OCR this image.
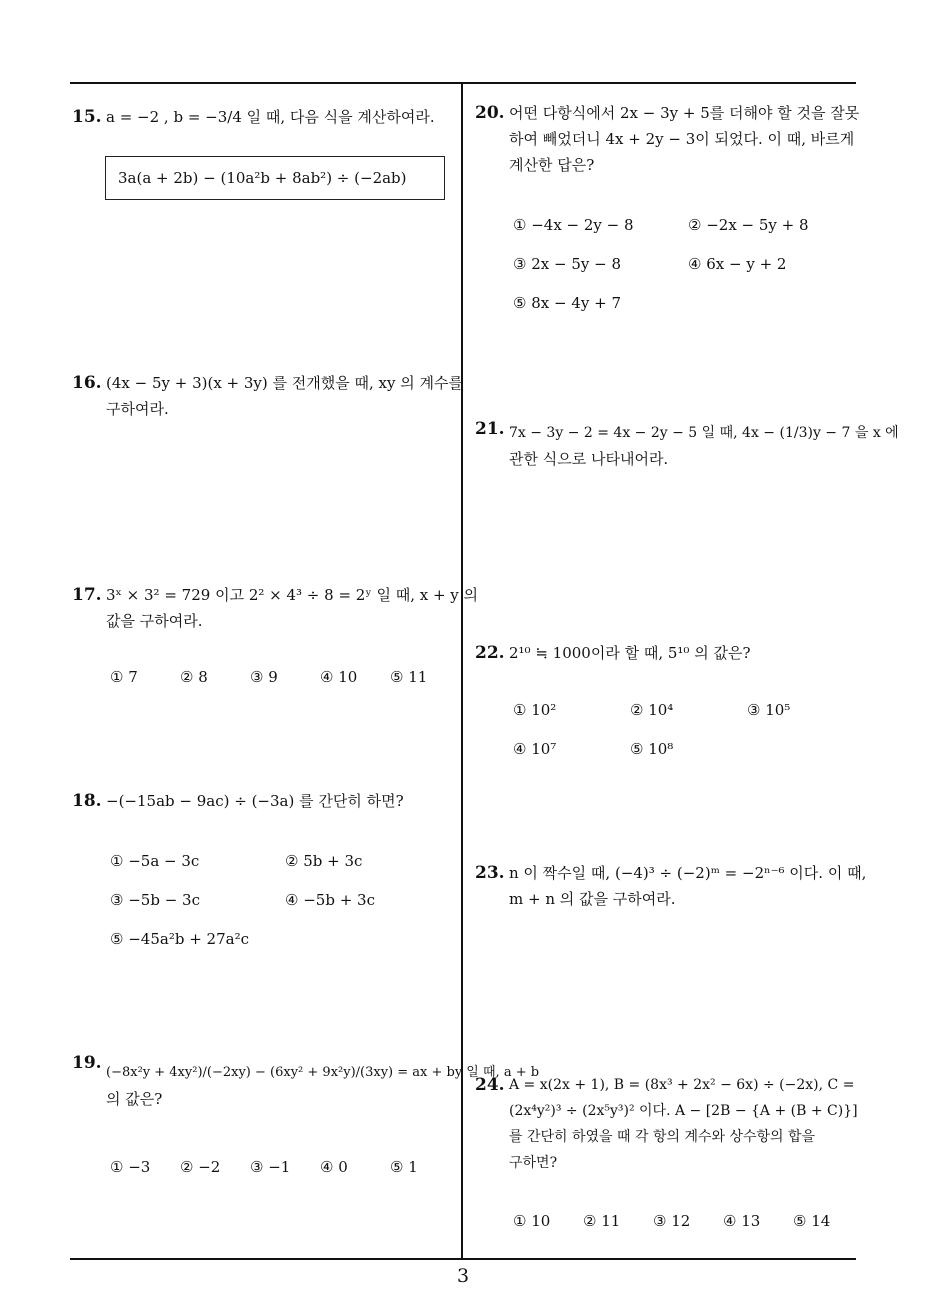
15. a = −2 , b = −3/4 일 때, 다음 식을 계산하여라.
3a(a + 2b) − (10a²b + 8ab²) ÷ (−2ab)
16. (4x − 5y + 3)(x + 3y) 를 전개했을 때, xy 의 계수를
구하여라.
17. 3ˣ × 3² = 729 이고 2² × 4³ ÷ 8 = 2ʸ 일 때, x + y 의
값을 구하여라.
① 7	② 8	③ 9	④ 10 ⑤ 11
18. −(−15ab − 9ac) ÷ (−3a) 를 간단히 하면?
① −5a − 3c	② 5b + 3c
③ −5b − 3c	④ −5b + 3c
⑤ −45a²b + 27a²c
19. (−8x²y + 4xy²)/(−2xy) − (6xy² + 9x²y)/(3xy) = ax + by 일 때, a + b
의 값은?
① −3 ② −2 ③ −1 ④ 0	⑤ 1
20. 어떤 다항식에서 2x − 3y + 5를 더해야 할 것을 잘못
하여 빼었더니 4x + 2y − 3이 되었다. 이 때, 바르게
계산한 답은?
① −4x − 2y − 8	② −2x − 5y + 8
③ 2x − 5y − 8	④ 6x − y + 2
⑤ 8x − 4y + 7
21. 7x − 3y − 2 = 4x − 2y − 5 일 때, 4x − (1/3)y − 7 을 x 에
관한 식으로 나타내어라.
22. 2¹⁰ ≒ 1000이라 할 때, 5¹⁰ 의 값은?
① 10²	② 10⁴	③ 10⁵
④ 10⁷	⑤ 10⁸
23. n 이 짝수일 때, (−4)³ ÷ (−2)ᵐ = −2ⁿ⁻⁶ 이다. 이 때,
m + n 의 값을 구하여라.
24. A = x(2x + 1), B = (8x³ + 2x² − 6x) ÷ (−2x), C =
(2x⁴y²)³ ÷ (2x⁵y³)² 이다. A − [2B − {A + (B + C)}]
를 간단히 하였을 때 각 항의 계수와 상수항의 합을
구하면?
① 10 ② 11 ③ 12 ④ 13 ⑤ 14
3
